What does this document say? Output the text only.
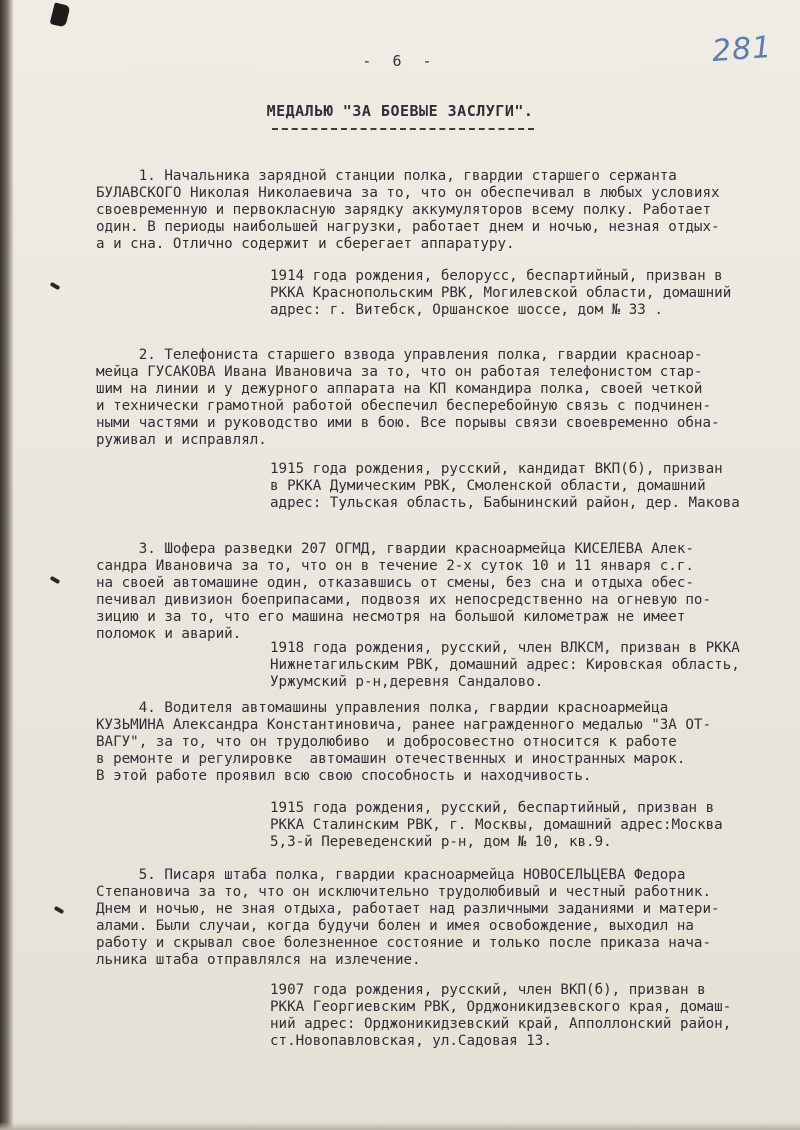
281
- 6 -
МЕДАЛЬЮ "ЗА БОЕВЫЕ ЗАСЛУГИ".
1. Начальника зарядной станции полка, гвардии старшего сержанта
БУЛАВСКОГО Николая Николаевича за то, что он обеспечивал в любых условиях
своевременную и первокласную зарядку аккумуляторов всему полку. Работает
один. В периоды наибольшей нагрузки, работает днем и ночью, незная отдых-
а и сна. Отлично содержит и сберегает аппаратуру.
1914 года рождения, белорусс, беспартийный, призван в
РККА Краснопольским РВК, Могилевской области, домашний
адрес: г. Витебск, Оршанское шоссе, дом № 33 .
2. Телефониста старшего взвода управления полка, гвардии красноар-
мейца ГУСАКОВА Ивана Ивановича за то, что он работая телефонистом стар-
шим на линии и у дежурного аппарата на КП командира полка, своей четкой
и технически грамотной работой обеспечил бесперебойную связь с подчинен-
ными частями и руководство ими в бою. Все порывы связи своевременно обна-
руживал и исправлял.
1915 года рождения, русский, кандидат ВКП(б), призван
в РККА Думическим РВК, Смоленской области, домашний
адрес: Тульская область, Бабынинский район, дер. Макова
3. Шофера разведки 207 ОГМД, гвардии красноармейца КИСЕЛЕВА Алек-
сандра Ивановича за то, что он в течение 2-х суток 10 и 11 января с.г.
на своей автомашине один, отказавшись от смены, без сна и отдыха обес-
печивал дивизион боеприпасами, подвозя их непосредственно на огневую по-
зицию и за то, что его машина несмотря на большой километраж не имеет
поломок и аварий.
1918 года рождения, русский, член ВЛКСМ, призван в РККА
Нижнетагильским РВК, домашний адрес: Кировская область,
Уржумский р-н,деревня Сандалово.
4. Водителя автомашины управления полка, гвардии красноармейца
КУЗЬМИНА Александра Константиновича, ранее награжденного медалью "ЗА ОТ-
ВАГУ", за то, что он трудолюбиво  и добросовестно относится к работе
в ремонте и регулировке  автомашин отечественных и иностранных марок.
В этой работе проявил всю свою способность и находчивость.
1915 года рождения, русский, беспартийный, призван в
РККА Сталинским РВК, г. Москвы, домашний адрес:Москва
5,3-й Переведенский р-н, дом № 10, кв.9.
5. Писаря штаба полка, гвардии красноармейца НОВОСЕЛЬЦЕВА Федора
Степановича за то, что он исключительно трудолюбивый и честный работник.
Днем и ночью, не зная отдыха, работает над различными заданиями и матери-
алами. Были случаи, когда будучи болен и имея освобождение, выходил на
работу и скрывал свое болезненное состояние и только после приказа нача-
льника штаба отправлялся на излечение.
1907 года рождения, русский, член ВКП(б), призван в
РККА Георгиевским РВК, Орджоникидзевского края, домаш-
ний адрес: Орджоникидзевский край, Апполлонский район,
ст.Новопавловская, ул.Садовая 13.
